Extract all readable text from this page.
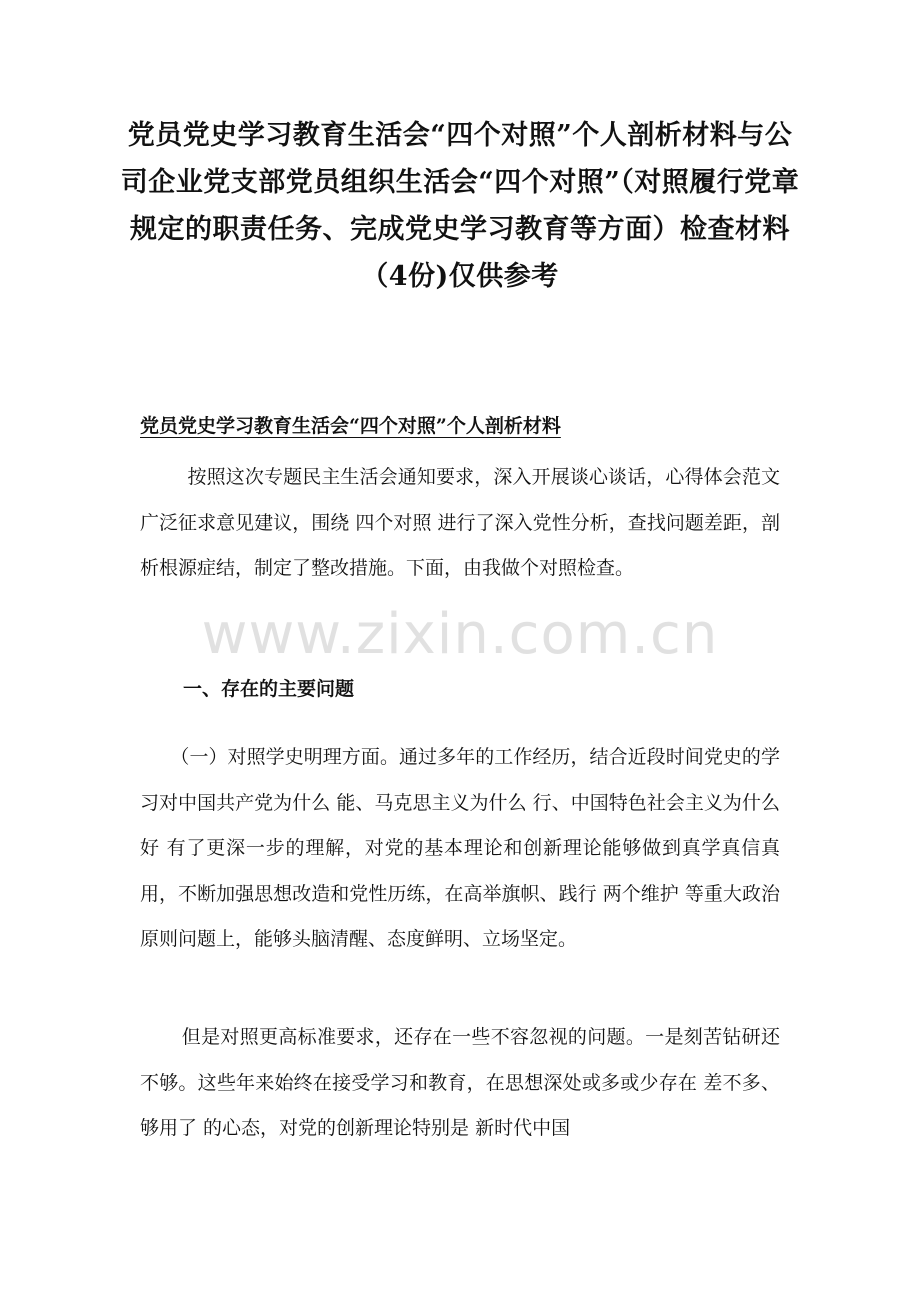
党员党史学习教育生活会“四个对照”个人剖析材料与公司企业党支部党员组织生活会“四个对照”（对照履行党章规定的职责任务、完成党史学习教育等方面）检查材料（4份)仅供参考
党员党史学习教育生活会“四个对照”个人剖析材料

按照这次专题民主生活会通知要求，深入开展谈心谈话，心得体会范文广泛征求意见建议，围绕 四个对照 进行了深入党性分析，查找问题差距，剖析根源症结，制定了整改措施。下面，由我做个对照检查。

一、存在的主要问题

（一）对照学史明理方面。通过多年的工作经历，结合近段时间党史的学习对中国共产党为什么 能、马克思主义为什么 行、中国特色社会主义为什么 好 有了更深一步的理解，对党的基本理论和创新理论能够做到真学真信真用，不断加强思想改造和党性历练，在高举旗帜、践行 两个维护 等重大政治原则问题上，能够头脑清醒、态度鲜明、立场坚定。

但是对照更高标准要求，还存在一些不容忽视的问题。一是刻苦钻研还不够。这些年来始终在接受学习和教育，在思想深处或多或少存在 差不多、够用了 的心态，对党的创新理论特别是 新时代中国

www.zixin.com.cn
